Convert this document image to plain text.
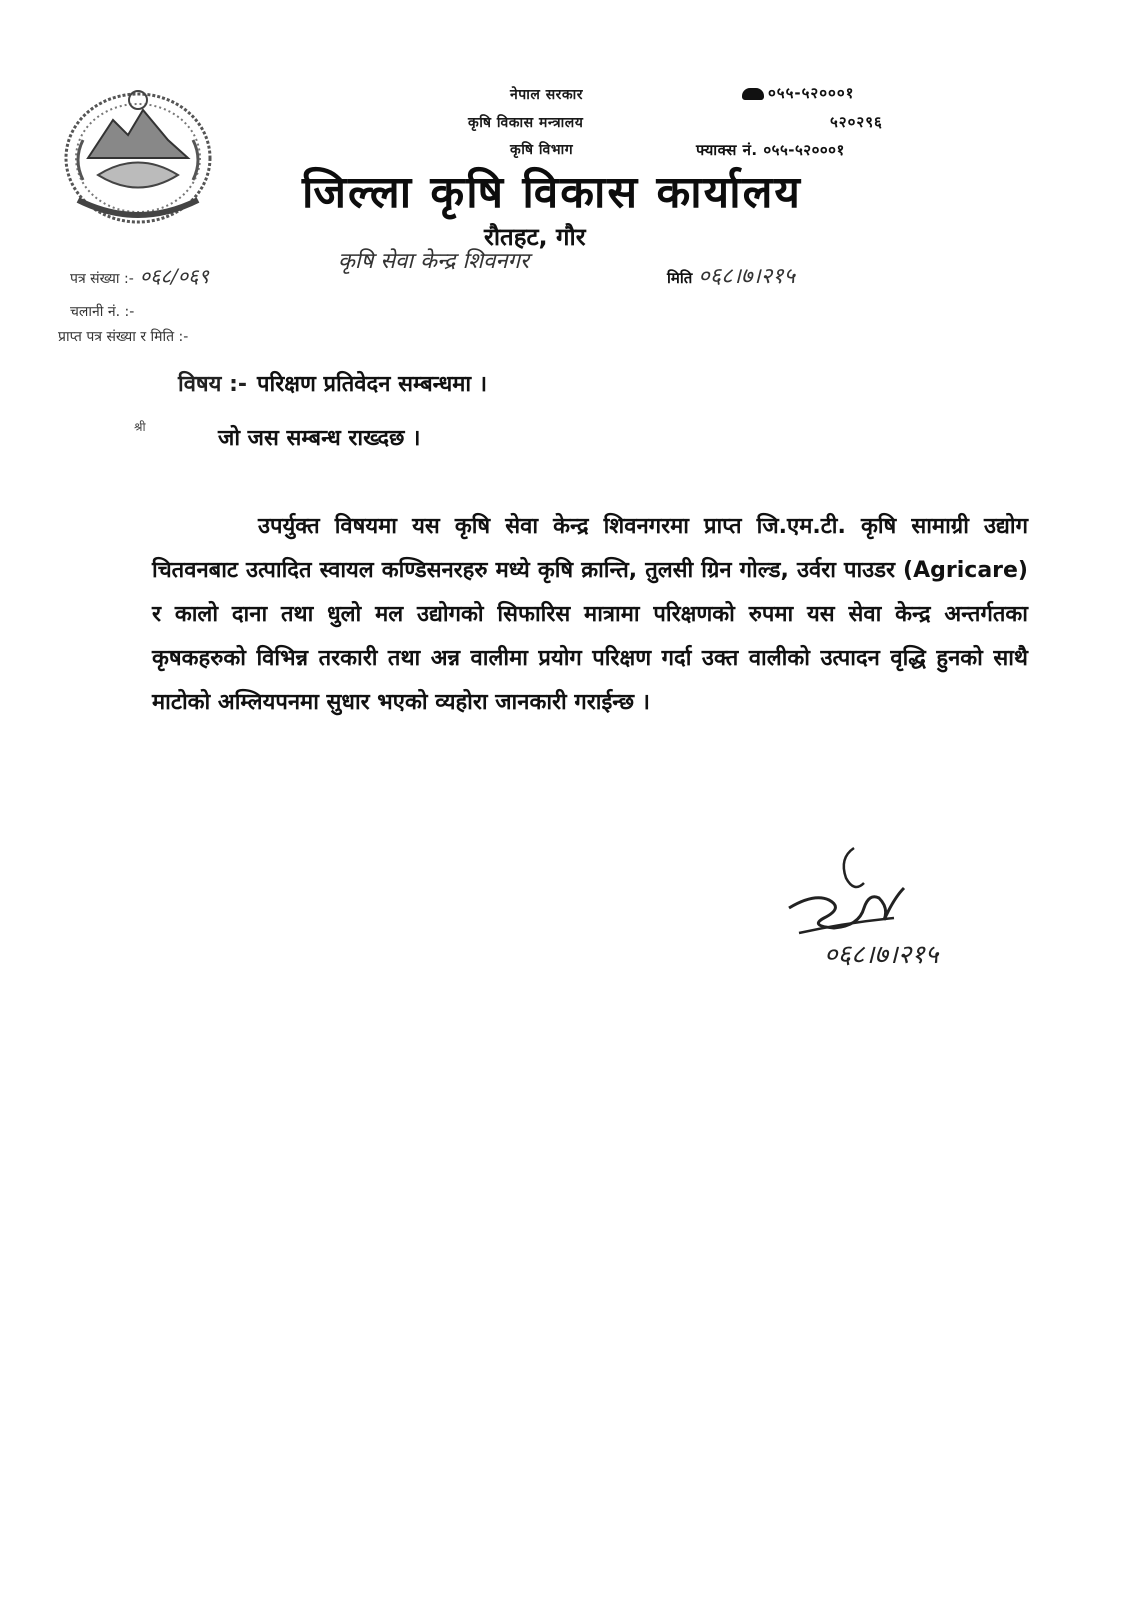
नेपाल सरकार
कृषि विकास मन्त्रालय
कृषि विभाग
०५५-५२०००१
५२०२९६
फ्याक्स नं. ०५५-५२०००१
जिल्ला कृषि विकास कार्यालय
रौतहट, गौर
कृषि सेवा केन्द्र शिवनगर
पत्र संख्या :- ०६८/०६९
चलानी नं. :-
प्राप्त पत्र संख्या र मिति :-
मिति ०६८।७।२१५
विषय :- परिक्षण प्रतिवेदन सम्बन्धमा ।
श्री	जो जस सम्बन्ध राख्दछ ।
उपर्युक्त विषयमा यस कृषि सेवा केन्द्र शिवनगरमा प्राप्त जि.एम.टी. कृषि सामाग्री उद्योग चितवनबाट उत्पादित स्वायल कण्डिसनरहरु मध्ये कृषि क्रान्ति, तुलसी ग्रिन गोल्ड, उर्वरा पाउडर (Agricare) र कालो दाना तथा धुलो मल उद्योगको सिफारिस मात्रामा परिक्षणको रुपमा यस सेवा केन्द्र अन्तर्गतका कृषकहरुको विभिन्न तरकारी तथा अन्न वालीमा प्रयोग परिक्षण गर्दा उक्त वालीको उत्पादन वृद्धि हुनको साथै माटोको अम्लियपनमा सुधार भएको व्यहोरा जानकारी गराईन्छ ।
०६८।७।२१५
